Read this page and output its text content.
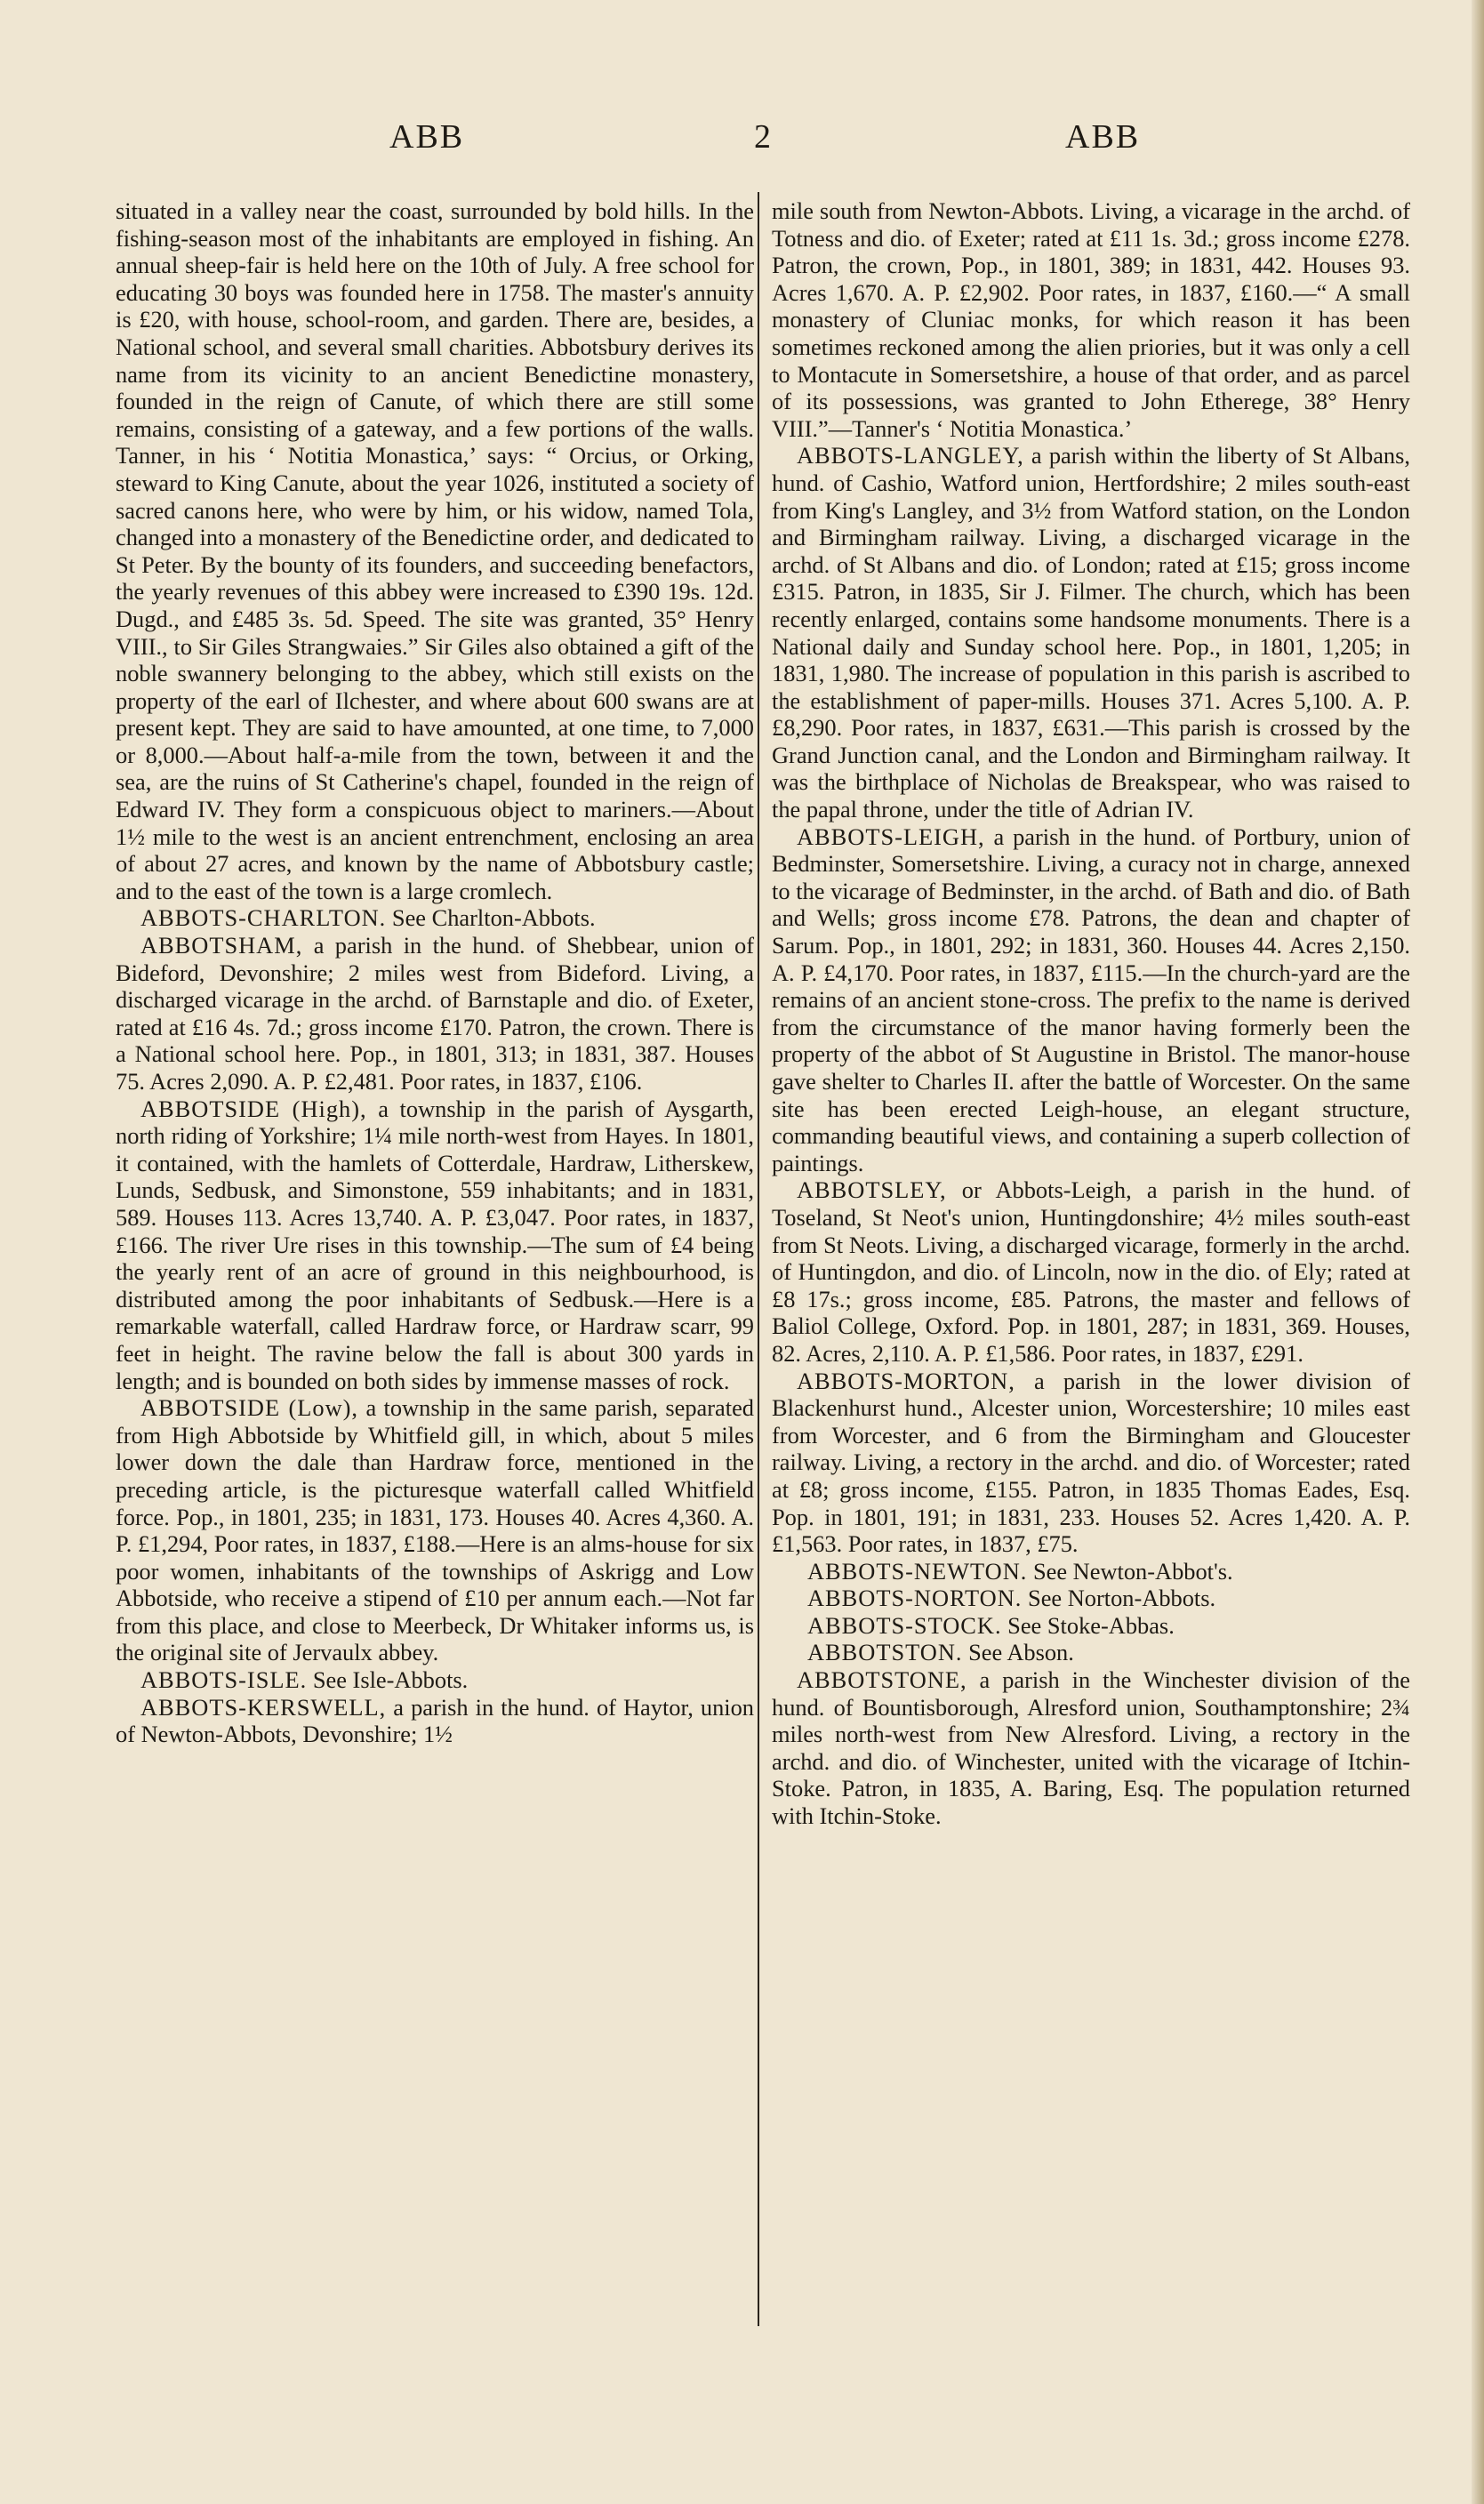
ABB	2	ABB

situated in a valley near the coast, surrounded by bold hills. In the fishing-season most of the inhabitants are employed in fishing. An annual sheep-fair is held here on the 10th of July. A free school for educating 30 boys was founded here in 1758. The master's annuity is £20, with house, school-room, and garden. There are, besides, a National school, and several small charities. Abbotsbury derives its name from its vicinity to an ancient Benedictine monastery, founded in the reign of Canute, of which there are still some remains, consisting of a gateway, and a few portions of the walls. Tanner, in his ‘ Notitia Monastica,’ says: “ Orcius, or Orking, steward to King Canute, about the year 1026, instituted a society of sacred canons here, who were by him, or his widow, named Tola, changed into a monastery of the Benedictine order, and dedicated to St Peter. By the bounty of its founders, and succeeding benefactors, the yearly revenues of this abbey were increased to £390 19s. 12d. Dugd., and £485 3s. 5d. Speed. The site was granted, 35° Henry VIII., to Sir Giles Strangwaies.” Sir Giles also obtained a gift of the noble swannery belonging to the abbey, which still exists on the property of the earl of Ilchester, and where about 600 swans are at present kept. They are said to have amounted, at one time, to 7,000 or 8,000.—About half-a-mile from the town, between it and the sea, are the ruins of St Catherine's chapel, founded in the reign of Edward IV. They form a conspicuous object to mariners.—About 1½ mile to the west is an ancient entrenchment, enclosing an area of about 27 acres, and known by the name of Abbotsbury castle; and to the east of the town is a large cromlech.

ABBOTS-CHARLTON. See Charlton-Abbots.

ABBOTSHAM, a parish in the hund. of Shebbear, union of Bideford, Devonshire; 2 miles west from Bideford. Living, a discharged vicarage in the archd. of Barnstaple and dio. of Exeter, rated at £16 4s. 7d.; gross income £170. Patron, the crown. There is a National school here. Pop., in 1801, 313; in 1831, 387. Houses 75. Acres 2,090. A. P. £2,481. Poor rates, in 1837, £106.

ABBOTSIDE (High), a township in the parish of Aysgarth, north riding of Yorkshire; 1¼ mile north-west from Hayes. In 1801, it contained, with the hamlets of Cotterdale, Hardraw, Litherskew, Lunds, Sedbusk, and Simonstone, 559 inhabitants; and in 1831, 589. Houses 113. Acres 13,740. A. P. £3,047. Poor rates, in 1837, £166. The river Ure rises in this township.—The sum of £4 being the yearly rent of an acre of ground in this neighbourhood, is distributed among the poor inhabitants of Sedbusk.—Here is a remarkable waterfall, called Hardraw force, or Hardraw scarr, 99 feet in height. The ravine below the fall is about 300 yards in length; and is bounded on both sides by immense masses of rock.

ABBOTSIDE (Low), a township in the same parish, separated from High Abbotside by Whitfield gill, in which, about 5 miles lower down the dale than Hardraw force, mentioned in the preceding article, is the picturesque waterfall called Whitfield force. Pop., in 1801, 235; in 1831, 173. Houses 40. Acres 4,360. A. P. £1,294, Poor rates, in 1837, £188.—Here is an alms-house for six poor women, inhabitants of the townships of Askrigg and Low Abbotside, who receive a stipend of £10 per annum each.—Not far from this place, and close to Meerbeck, Dr Whitaker informs us, is the original site of Jervaulx abbey.

ABBOTS-ISLE. See Isle-Abbots.

ABBOTS-KERSWELL, a parish in the hund. of Haytor, union of Newton-Abbots, Devonshire; 1½

mile south from Newton-Abbots. Living, a vicarage in the archd. of Totness and dio. of Exeter; rated at £11 1s. 3d.; gross income £278. Patron, the crown, Pop., in 1801, 389; in 1831, 442. Houses 93. Acres 1,670. A. P. £2,902. Poor rates, in 1837, £160.—“ A small monastery of Cluniac monks, for which reason it has been sometimes reckoned among the alien priories, but it was only a cell to Montacute in Somersetshire, a house of that order, and as parcel of its possessions, was granted to John Etherege, 38° Henry VIII.”—Tanner's ‘ Notitia Monastica.’

ABBOTS-LANGLEY, a parish within the liberty of St Albans, hund. of Cashio, Watford union, Hertfordshire; 2 miles south-east from King's Langley, and 3½ from Watford station, on the London and Birmingham railway. Living, a discharged vicarage in the archd. of St Albans and dio. of London; rated at £15; gross income £315. Patron, in 1835, Sir J. Filmer. The church, which has been recently enlarged, contains some handsome monuments. There is a National daily and Sunday school here. Pop., in 1801, 1,205; in 1831, 1,980. The increase of population in this parish is ascribed to the establishment of paper-mills. Houses 371. Acres 5,100. A. P. £8,290. Poor rates, in 1837, £631.—This parish is crossed by the Grand Junction canal, and the London and Birmingham railway. It was the birthplace of Nicholas de Breakspear, who was raised to the papal throne, under the title of Adrian IV.

ABBOTS-LEIGH, a parish in the hund. of Portbury, union of Bedminster, Somersetshire. Living, a curacy not in charge, annexed to the vicarage of Bedminster, in the archd. of Bath and dio. of Bath and Wells; gross income £78. Patrons, the dean and chapter of Sarum. Pop., in 1801, 292; in 1831, 360. Houses 44. Acres 2,150. A. P. £4,170. Poor rates, in 1837, £115.—In the church-yard are the remains of an ancient stone-cross. The prefix to the name is derived from the circumstance of the manor having formerly been the property of the abbot of St Augustine in Bristol. The manor-house gave shelter to Charles II. after the battle of Worcester. On the same site has been erected Leigh-house, an elegant structure, commanding beautiful views, and containing a superb collection of paintings.

ABBOTSLEY, or Abbots-Leigh, a parish in the hund. of Toseland, St Neot's union, Huntingdonshire; 4½ miles south-east from St Neots. Living, a discharged vicarage, formerly in the archd. of Huntingdon, and dio. of Lincoln, now in the dio. of Ely; rated at £8 17s.; gross income, £85. Patrons, the master and fellows of Baliol College, Oxford. Pop. in 1801, 287; in 1831, 369. Houses, 82. Acres, 2,110. A. P. £1,586. Poor rates, in 1837, £291.

ABBOTS-MORTON, a parish in the lower division of Blackenhurst hund., Alcester union, Worcestershire; 10 miles east from Worcester, and 6 from the Birmingham and Gloucester railway. Living, a rectory in the archd. and dio. of Worcester; rated at £8; gross income, £155. Patron, in 1835 Thomas Eades, Esq. Pop. in 1801, 191; in 1831, 233. Houses 52. Acres 1,420. A. P. £1,563. Poor rates, in 1837, £75.

ABBOTS-NEWTON. See Newton-Abbot's.

ABBOTS-NORTON. See Norton-Abbots.

ABBOTS-STOCK. See Stoke-Abbas.

ABBOTSTON. See Abson.

ABBOTSTONE, a parish in the Winchester division of the hund. of Bountisborough, Alresford union, Southamptonshire; 2¾ miles north-west from New Alresford. Living, a rectory in the archd. and dio. of Winchester, united with the vicarage of Itchin-Stoke. Patron, in 1835, A. Baring, Esq. The population returned with Itchin-Stoke.
